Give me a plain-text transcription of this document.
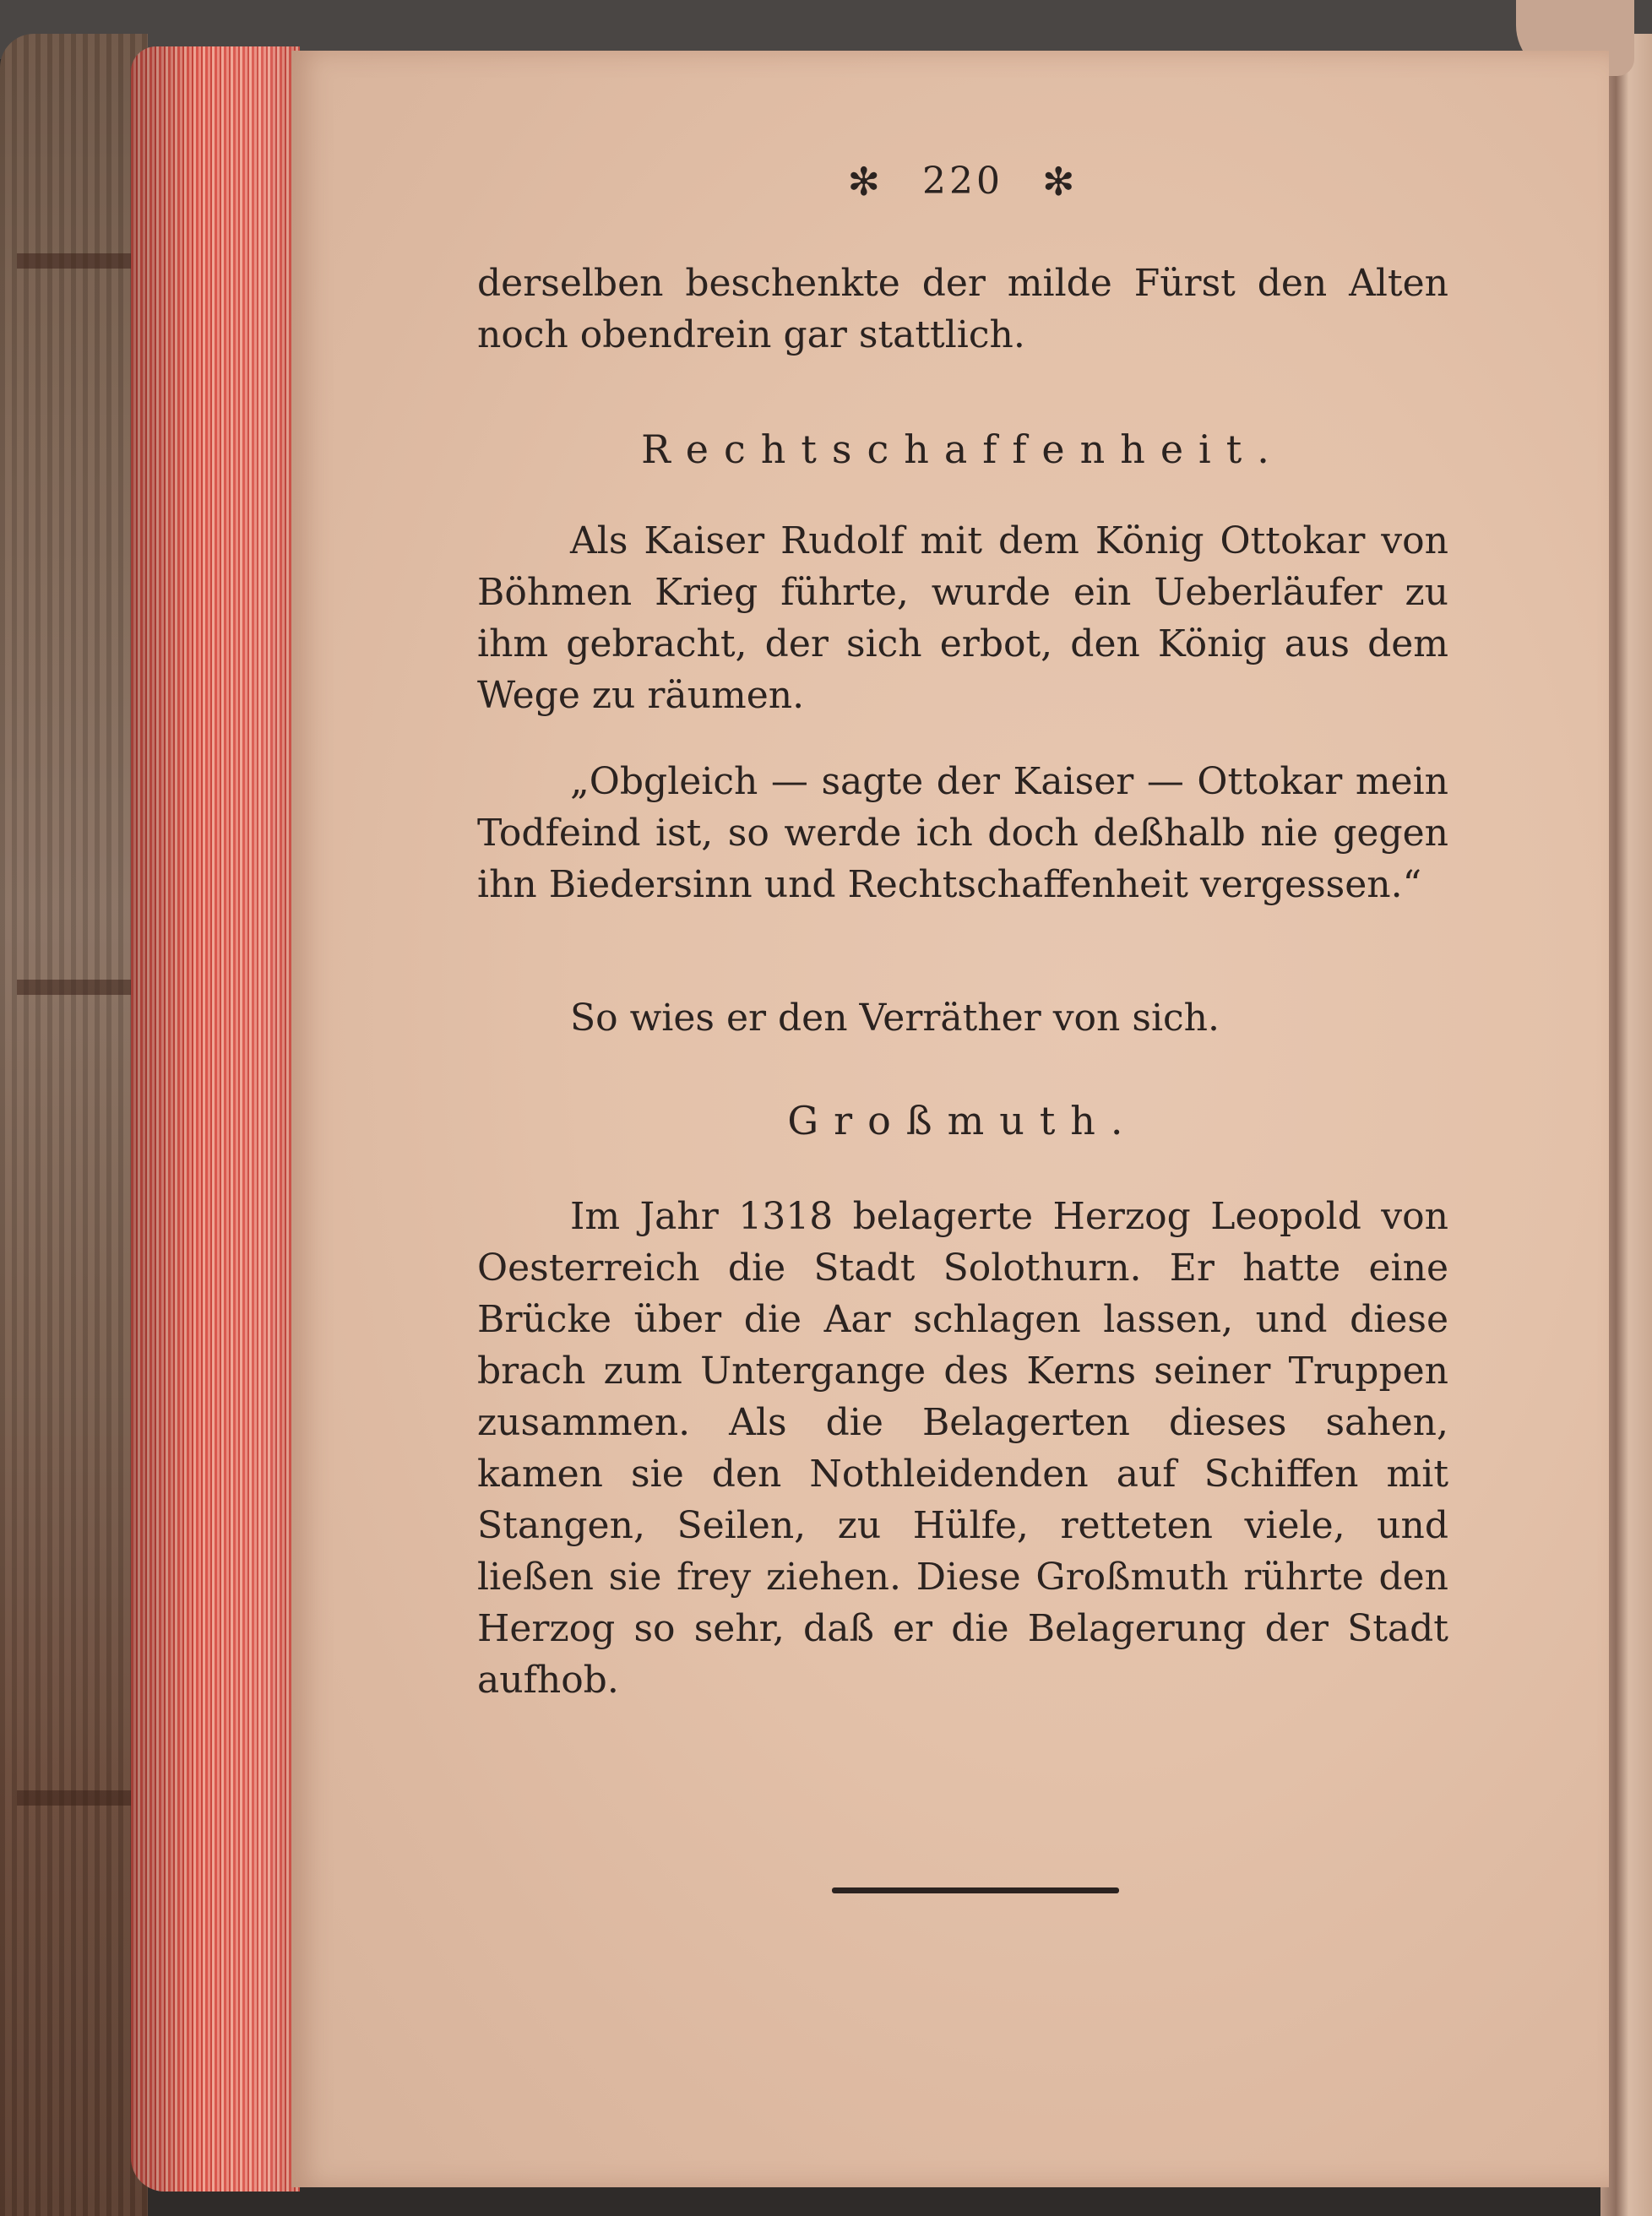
✻ 220 ✻

derselben beschenkte der milde Fürst den Alten noch obendrein gar stattlich.

Rechtschaffenheit.

Als Kaiser Rudolf mit dem König Ottokar von Böhmen Krieg führte, wurde ein Ueberläufer zu ihm gebracht, der sich erbot, den König aus dem Wege zu räumen.

„Obgleich — sagte der Kaiser — Ottokar mein Todfeind ist, so werde ich doch deßhalb nie gegen ihn Biedersinn und Rechtschaffenheit vergessen.“

So wies er den Verräther von sich.

Großmuth.

Im Jahr 1318 belagerte Herzog Leopold von Oesterreich die Stadt Solothurn. Er hatte eine Brücke über die Aar schlagen lassen, und diese brach zum Untergange des Kerns seiner Truppen zusammen. Als die Belagerten dieses sahen, kamen sie den Nothleidenden auf Schiffen mit Stangen, Seilen, zu Hülfe, retteten viele, und ließen sie frey ziehen. Diese Großmuth rührte den Herzog so sehr, daß er die Belagerung der Stadt aufhob.
